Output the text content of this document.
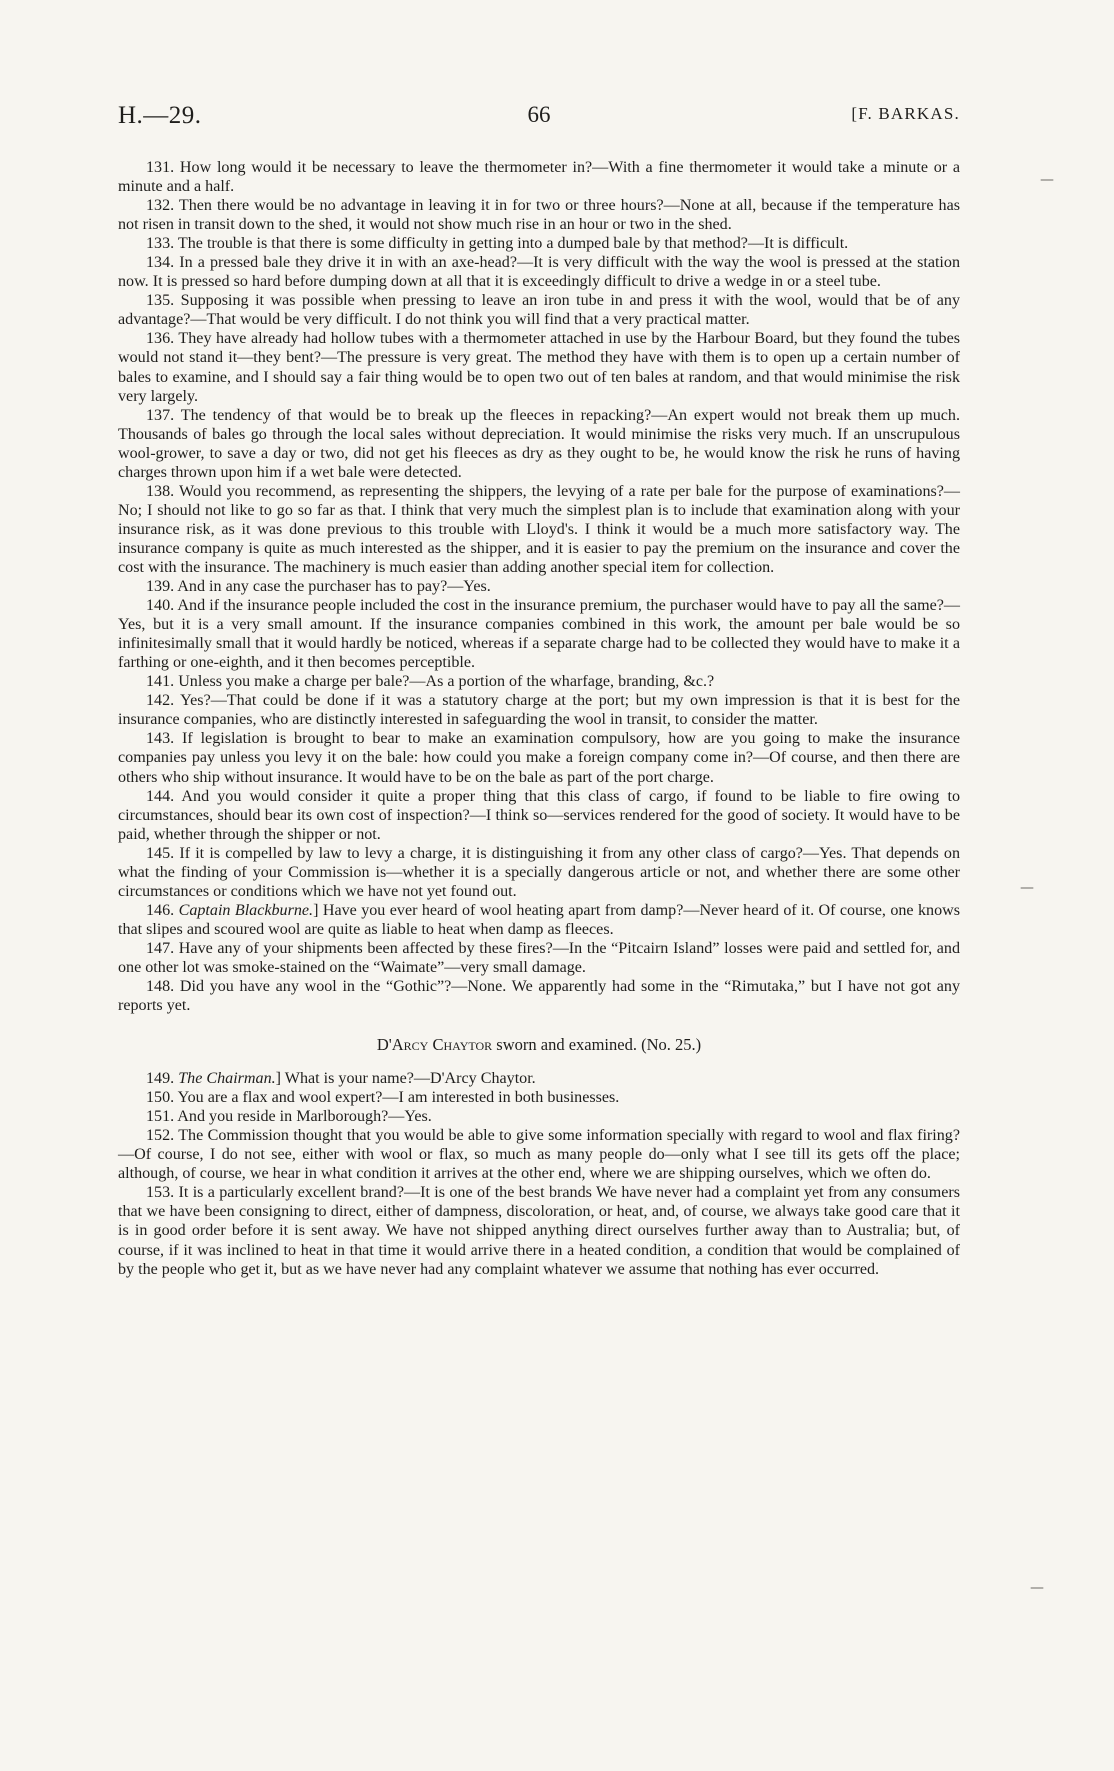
H.—29.	66	[F. BARKAS.

131. How long would it be necessary to leave the thermometer in?—With a fine thermometer it would take a minute or a minute and a half.

132. Then there would be no advantage in leaving it in for two or three hours?—None at all, because if the temperature has not risen in transit down to the shed, it would not show much rise in an hour or two in the shed.

133. The trouble is that there is some difficulty in getting into a dumped bale by that method?—It is difficult.

134. In a pressed bale they drive it in with an axe-head?—It is very difficult with the way the wool is pressed at the station now. It is pressed so hard before dumping down at all that it is exceedingly difficult to drive a wedge in or a steel tube.

135. Supposing it was possible when pressing to leave an iron tube in and press it with the wool, would that be of any advantage?—That would be very difficult. I do not think you will find that a very practical matter.

136. They have already had hollow tubes with a thermometer attached in use by the Harbour Board, but they found the tubes would not stand it—they bent?—The pressure is very great. The method they have with them is to open up a certain number of bales to examine, and I should say a fair thing would be to open two out of ten bales at random, and that would minimise the risk very largely.

137. The tendency of that would be to break up the fleeces in repacking?—An expert would not break them up much. Thousands of bales go through the local sales without depreciation. It would minimise the risks very much. If an unscrupulous wool-grower, to save a day or two, did not get his fleeces as dry as they ought to be, he would know the risk he runs of having charges thrown upon him if a wet bale were detected.

138. Would you recommend, as representing the shippers, the levying of a rate per bale for the purpose of examinations?—No; I should not like to go so far as that. I think that very much the simplest plan is to include that examination along with your insurance risk, as it was done previous to this trouble with Lloyd's. I think it would be a much more satisfactory way. The insurance company is quite as much interested as the shipper, and it is easier to pay the premium on the insurance and cover the cost with the insurance. The machinery is much easier than adding another special item for collection.

139. And in any case the purchaser has to pay?—Yes.

140. And if the insurance people included the cost in the insurance premium, the purchaser would have to pay all the same?—Yes, but it is a very small amount. If the insurance companies combined in this work, the amount per bale would be so infinitesimally small that it would hardly be noticed, whereas if a separate charge had to be collected they would have to make it a farthing or one-eighth, and it then becomes perceptible.

141. Unless you make a charge per bale?—As a portion of the wharfage, branding, &c.?

142. Yes?—That could be done if it was a statutory charge at the port; but my own impression is that it is best for the insurance companies, who are distinctly interested in safeguarding the wool in transit, to consider the matter.

143. If legislation is brought to bear to make an examination compulsory, how are you going to make the insurance companies pay unless you levy it on the bale: how could you make a foreign company come in?—Of course, and then there are others who ship without insurance. It would have to be on the bale as part of the port charge.

144. And you would consider it quite a proper thing that this class of cargo, if found to be liable to fire owing to circumstances, should bear its own cost of inspection?—I think so—services rendered for the good of society. It would have to be paid, whether through the shipper or not.

145. If it is compelled by law to levy a charge, it is distinguishing it from any other class of cargo?—Yes. That depends on what the finding of your Commission is—whether it is a specially dangerous article or not, and whether there are some other circumstances or conditions which we have not yet found out.

146. Captain Blackburne.] Have you ever heard of wool heating apart from damp?—Never heard of it. Of course, one knows that slipes and scoured wool are quite as liable to heat when damp as fleeces.

147. Have any of your shipments been affected by these fires?—In the “Pitcairn Island” losses were paid and settled for, and one other lot was smoke-stained on the “Waimate”—very small damage.

148. Did you have any wool in the “Gothic”?—None. We apparently had some in the “Rimutaka,” but I have not got any reports yet.

D'Arcy Chaytor sworn and examined. (No. 25.)

149. The Chairman.] What is your name?—D'Arcy Chaytor.

150. You are a flax and wool expert?—I am interested in both businesses.

151. And you reside in Marlborough?—Yes.

152. The Commission thought that you would be able to give some information specially with regard to wool and flax firing?—Of course, I do not see, either with wool or flax, so much as many people do—only what I see till its gets off the place; although, of course, we hear in what condition it arrives at the other end, where we are shipping ourselves, which we often do.

153. It is a particularly excellent brand?—It is one of the best brands We have never had a complaint yet from any consumers that we have been consigning to direct, either of dampness, discoloration, or heat, and, of course, we always take good care that it is in good order before it is sent away. We have not shipped anything direct ourselves further away than to Australia; but, of course, if it was inclined to heat in that time it would arrive there in a heated condition, a condition that would be complained of by the people who get it, but as we have never had any complaint whatever we assume that nothing has ever occurred.

—
—
—
